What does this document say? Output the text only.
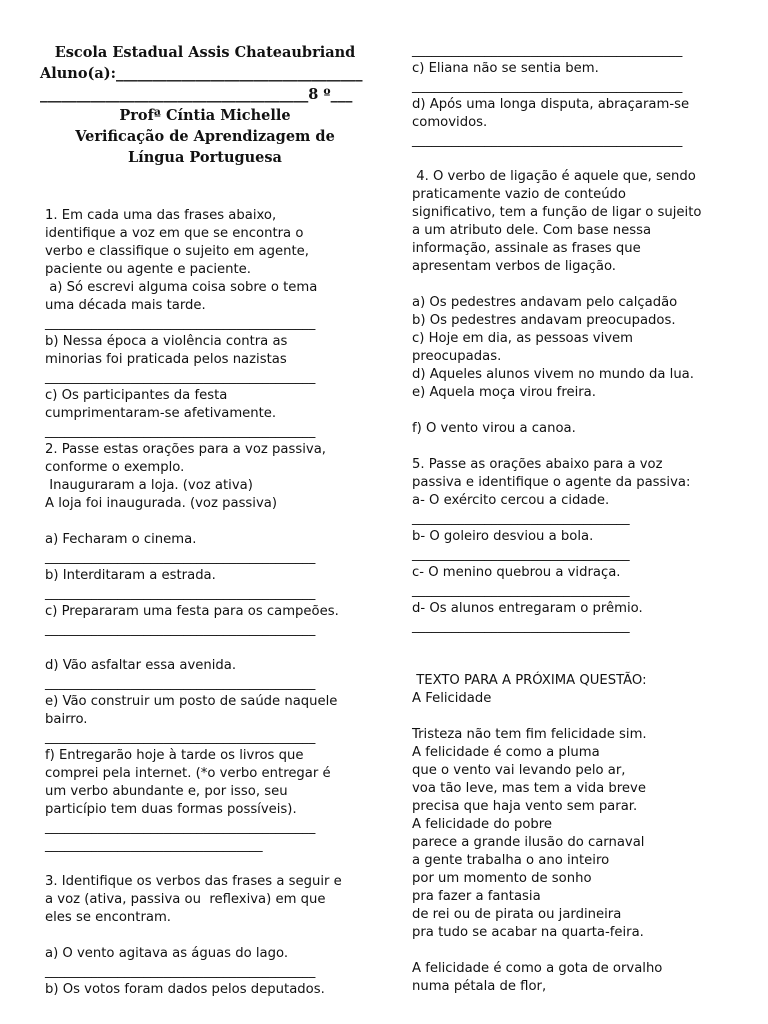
Escola Estadual Assis Chateaubriand

Aluno(a):__________________________________

_____________________________________8 º___

Profª Cíntia Michelle

Verificação de Aprendizagem de

Língua Portuguesa

1. Em cada uma das frases abaixo,

identifique a voz em que se encontra o

verbo e classifique o sujeito em agente,

paciente ou agente e paciente.

a) Só escrevi alguma coisa sobre o tema

uma década mais tarde.

_________________________________________

b) Nessa época a violência contra as

minorias foi praticada pelos nazistas

_________________________________________

c) Os participantes da festa

cumprimentaram-se afetivamente.

_________________________________________

2. Passe estas orações para a voz passiva,

conforme o exemplo.

Inauguraram a loja. (voz ativa)

A loja foi inaugurada. (voz passiva)

a) Fecharam o cinema.

_________________________________________

b) Interditaram a estrada.

_________________________________________

c) Prepararam uma festa para os campeões.

_________________________________________

d) Vão asfaltar essa avenida.

_________________________________________

e) Vão construir um posto de saúde naquele

bairro.

_________________________________________

f) Entregarão hoje à tarde os livros que

comprei pela internet. (*o verbo entregar é

um verbo abundante e, por isso, seu

particípio tem duas formas possíveis).

_________________________________________

_________________________________

3. Identifique os verbos das frases a seguir e

a voz (ativa, passiva ou  reflexiva) em que

eles se encontram.

a) O vento agitava as águas do lago.

_________________________________________

b) Os votos foram dados pelos deputados.

_________________________________________

c) Eliana não se sentia bem.

_________________________________________

d) Após uma longa disputa, abraçaram-se

comovidos.

_________________________________________

4. O verbo de ligação é aquele que, sendo

praticamente vazio de conteúdo

significativo, tem a função de ligar o sujeito

a um atributo dele. Com base nessa

informação, assinale as frases que

apresentam verbos de ligação.

a) Os pedestres andavam pelo calçadão

b) Os pedestres andavam preocupados.

c) Hoje em dia, as pessoas vivem

preocupadas.

d) Aqueles alunos vivem no mundo da lua.

e) Aquela moça virou freira.

f) O vento virou a canoa.

5. Passe as orações abaixo para a voz

passiva e identifique o agente da passiva:

a- O exército cercou a cidade.

_________________________________

b- O goleiro desviou a bola.

_________________________________

c- O menino quebrou a vidraça.

_________________________________

d- Os alunos entregaram o prêmio.

_________________________________

TEXTO PARA A PRÓXIMA QUESTÃO:

A Felicidade

Tristeza não tem fim felicidade sim.

A felicidade é como a pluma

que o vento vai levando pelo ar,

voa tão leve, mas tem a vida breve

precisa que haja vento sem parar.

A felicidade do pobre

parece a grande ilusão do carnaval

a gente trabalha o ano inteiro

por um momento de sonho

pra fazer a fantasia

de rei ou de pirata ou jardineira

pra tudo se acabar na quarta-feira.

A felicidade é como a gota de orvalho

numa pétala de flor,
